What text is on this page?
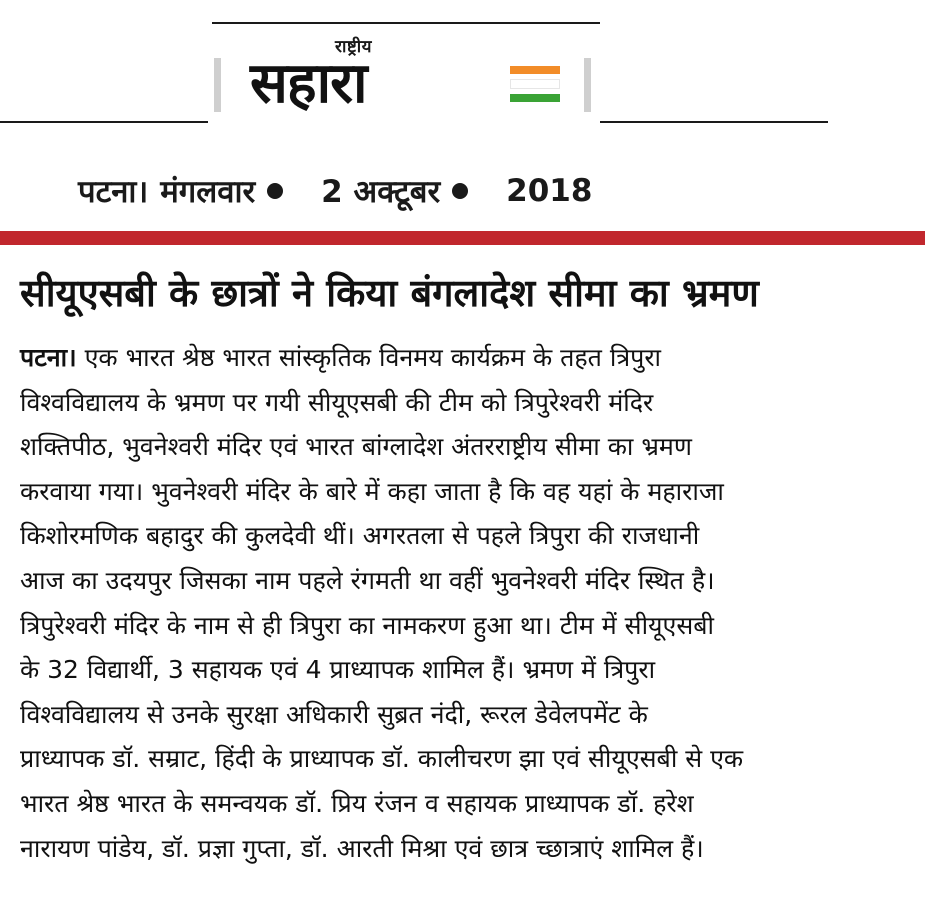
राष्ट्रीय
सहारा
पटना। मंगलवार 2 अक्टूबर 2018
सीयूएसबी के छात्रों ने किया बंगलादेश सीमा का भ्रमण
पटना। एक भारत श्रेष्ठ भारत सांस्कृतिक विनमय कार्यक्रम के तहत त्रिपुरा
विश्वविद्यालय के भ्रमण पर गयी सीयूएसबी की टीम को त्रिपुरेश्वरी मंदिर
शक्तिपीठ, भुवनेश्वरी मंदिर एवं भारत बांग्लादेश अंतरराष्ट्रीय सीमा का भ्रमण
करवाया गया। भुवनेश्वरी मंदिर के बारे में कहा जाता है कि वह यहां के महाराजा
किशोरमणिक बहादुर की कुलदेवी थीं। अगरतला से पहले त्रिपुरा की राजधानी
आज का उदयपुर जिसका नाम पहले रंगमती था वहीं भुवनेश्वरी मंदिर स्थित है।
त्रिपुरेश्वरी मंदिर के नाम से ही त्रिपुरा का नामकरण हुआ था। टीम में सीयूएसबी
के 32 विद्यार्थी, 3 सहायक एवं 4 प्राध्यापक शामिल हैं। भ्रमण में त्रिपुरा
विश्वविद्यालय से उनके सुरक्षा अधिकारी सुब्रत नंदी, रूरल डेवेलपमेंट के
प्राध्यापक डॉ. सम्राट, हिंदी के प्राध्यापक डॉ. कालीचरण झा एवं सीयूएसबी से एक
भारत श्रेष्ठ भारत के समन्वयक डॉ. प्रिय रंजन व सहायक प्राध्यापक डॉ. हरेश
नारायण पांडेय, डॉ. प्रज्ञा गुप्ता, डॉ. आरती मिश्रा एवं छात्र च्छात्राएं शामिल हैं।
